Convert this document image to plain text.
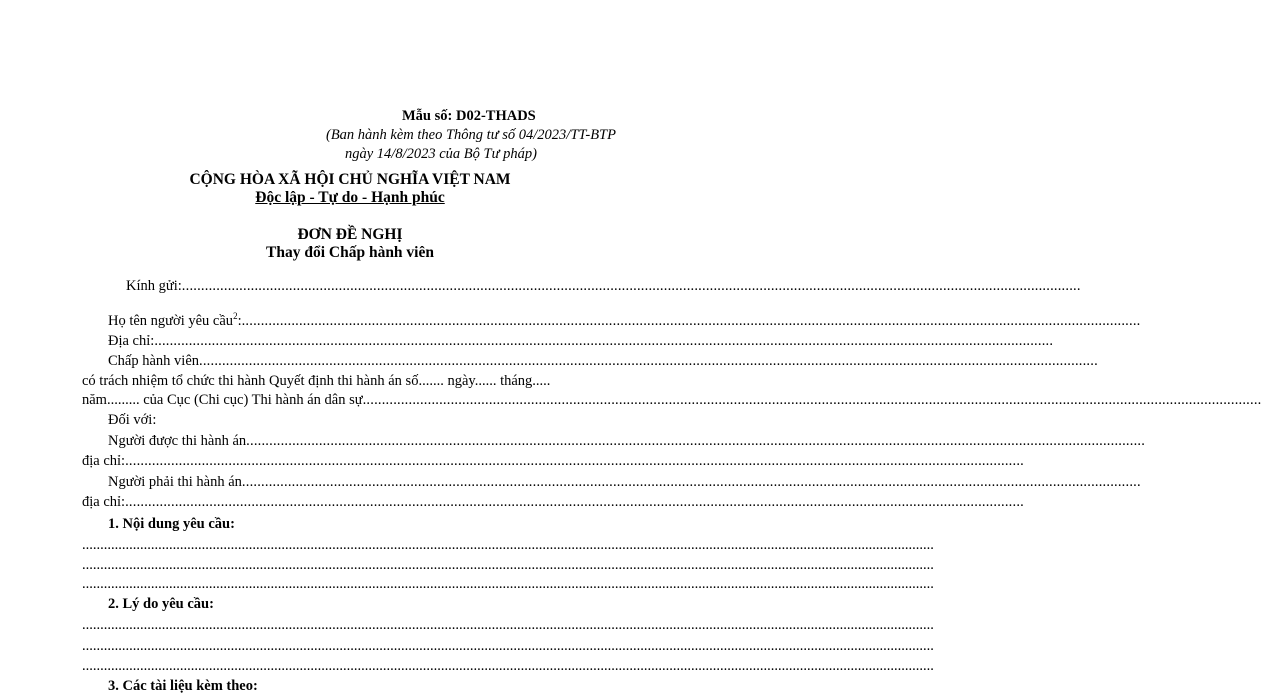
Mẫu số: D02-THADS
(Ban hành kèm theo Thông tư số 04/2023/TT-BTP
ngày 14/8/2023 của Bộ Tư pháp)
CỘNG HÒA XÃ HỘI CHỦ NGHĨA VIỆT NAM
Độc lập - Tự do - Hạnh phúc
ĐƠN ĐỀ NGHỊ
Thay đổi Chấp hành viên
Kính gửi: ...........................................................................................................................................................................................................................................
Họ tên người yêu cầu$^2$: ...........................................................................................................................................................................................................................................
Địa chỉ: ...........................................................................................................................................................................................................................................
Chấp hành viên ...........................................................................................................................................................................................................................................
có trách nhiệm tổ chức thi hành Quyết định thi hành án số....... ngày...... tháng.....
năm......... của Cục (Chi cục) Thi hành án dân sự ...........................................................................................................................................................................................................................................
Đối với:
Người được thi hành án ...........................................................................................................................................................................................................................................
địa chỉ: ...........................................................................................................................................................................................................................................
Người phải thi hành án ...........................................................................................................................................................................................................................................
địa chỉ: ...........................................................................................................................................................................................................................................
1. Nội dung yêu cầu:
...........................................................................................................................................................................................................................................
...........................................................................................................................................................................................................................................
...........................................................................................................................................................................................................................................
2. Lý do yêu cầu:
...........................................................................................................................................................................................................................................
...........................................................................................................................................................................................................................................
...........................................................................................................................................................................................................................................
3. Các tài liệu kèm theo:
